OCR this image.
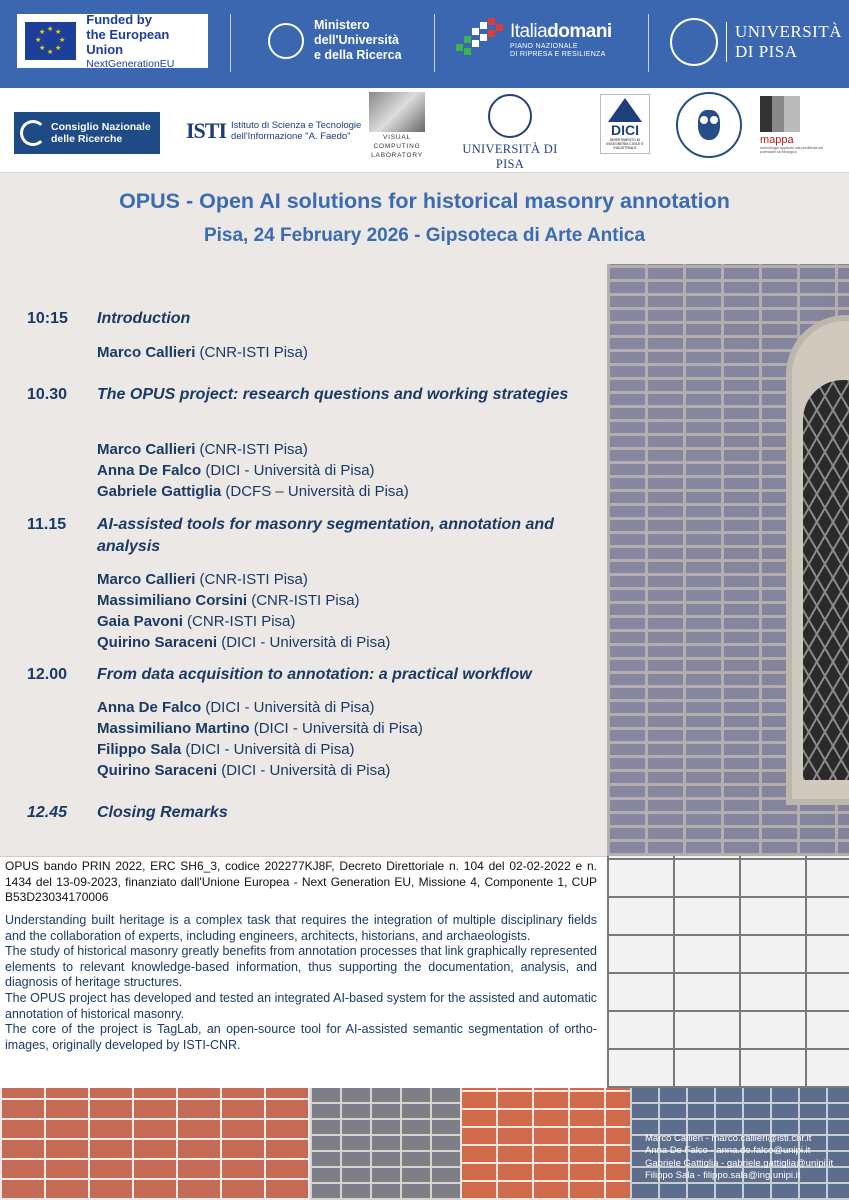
★ ★
★
★
★
★
★
★
Funded by
the European Union
NextGenerationEU
Ministero
dell'Università
e della Ricerca
Italiadomani
PIANO NAZIONALE
DI RIPRESA E RESILIENZA
UNIVERSITÀ
DI PISA
Consiglio Nazionale
delle Ricerche	ISTI Istituto di Scienza e Tecnologie
dell'Informazione "A. Faedo"	VISUAL
COMPUTING
LABORATORY	UNIVERSITÀ DI PISA
DICI
DIPARTIMENTO DI INGEGNERIA CIVILE E INDUSTRIALE
mappa
metodologie applicate alla predittività del potenziale archeologico
OPUS - Open AI solutions for historical masonry annotation
Pisa, 24 February 2026 - Gipsoteca di Arte Antica
10:15 Introduction
Marco Callieri (CNR-ISTI Pisa)
10.30 The OPUS project: research questions and working strategies
Marco Callieri (CNR-ISTI Pisa)
Anna De Falco (DICI - Università di Pisa)
Gabriele Gattiglia (DCFS – Università di Pisa)
11.15 AI-assisted tools for masonry segmentation, annotation and analysis
Marco Callieri (CNR-ISTI Pisa)
Massimiliano Corsini (CNR-ISTI Pisa)
Gaia Pavoni (CNR-ISTI Pisa)
Quirino Saraceni (DICI - Università di Pisa)
12.00 From data acquisition to annotation: a practical workflow
Anna De Falco (DICI - Università di Pisa)
Massimiliano Martino (DICI - Università di Pisa)
Filippo Sala (DICI - Università di Pisa)
Quirino Saraceni (DICI - Università di Pisa)
12.45 Closing Remarks

OPUS bando PRIN 2022, ERC SH6_3, codice 202277KJ8F, Decreto Direttoriale n. 104 del 02-02-2022 e n. 1434 del 13-09-2023, finanziato dall'Unione Europea - Next Generation EU, Missione 4, Componente 1, CUP B53D23034170006

Understanding built heritage is a complex task that requires the integration of multiple disciplinary fields and the collaboration of experts, including engineers, architects, historians, and archaeologists.

The study of historical masonry greatly benefits from annotation processes that link graphically represented elements to relevant knowledge-based information, thus supporting the documentation, analysis, and diagnosis of heritage structures.

The OPUS project has developed and tested an integrated AI-based system for the assisted and automatic annotation of historical masonry.

The core of the project is TagLab, an open-source tool for AI-assisted semantic segmentation of ortho-images, originally developed by ISTI-CNR.

Marco Callieri - marco.callieri@isti.cnr.it
Anna De Falco - anna.de.falco@unipi.it
Gabriele Gattiglia - gabriele.gattiglia@unipi.it
Filippo Sala - filippo.sala@ing.unipi.it
